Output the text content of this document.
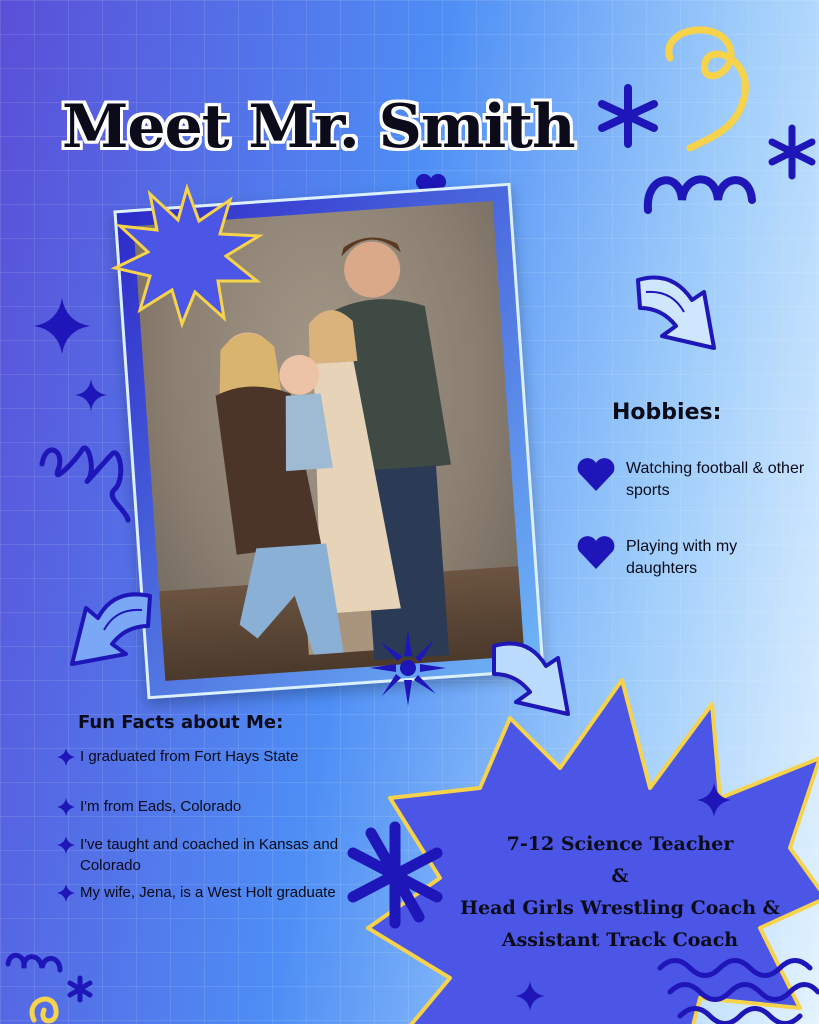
Meet Mr. Smith
Hobbies:
Watching football & other sports
Playing with my daughters
Fun Facts about Me:
I graduated from Fort Hays State
I'm from Eads, Colorado
I've taught and coached in Kansas and Colorado
My wife, Jena, is a West Holt graduate
7-12 Science Teacher
&
Head Girls Wrestling Coach &
Assistant Track Coach
